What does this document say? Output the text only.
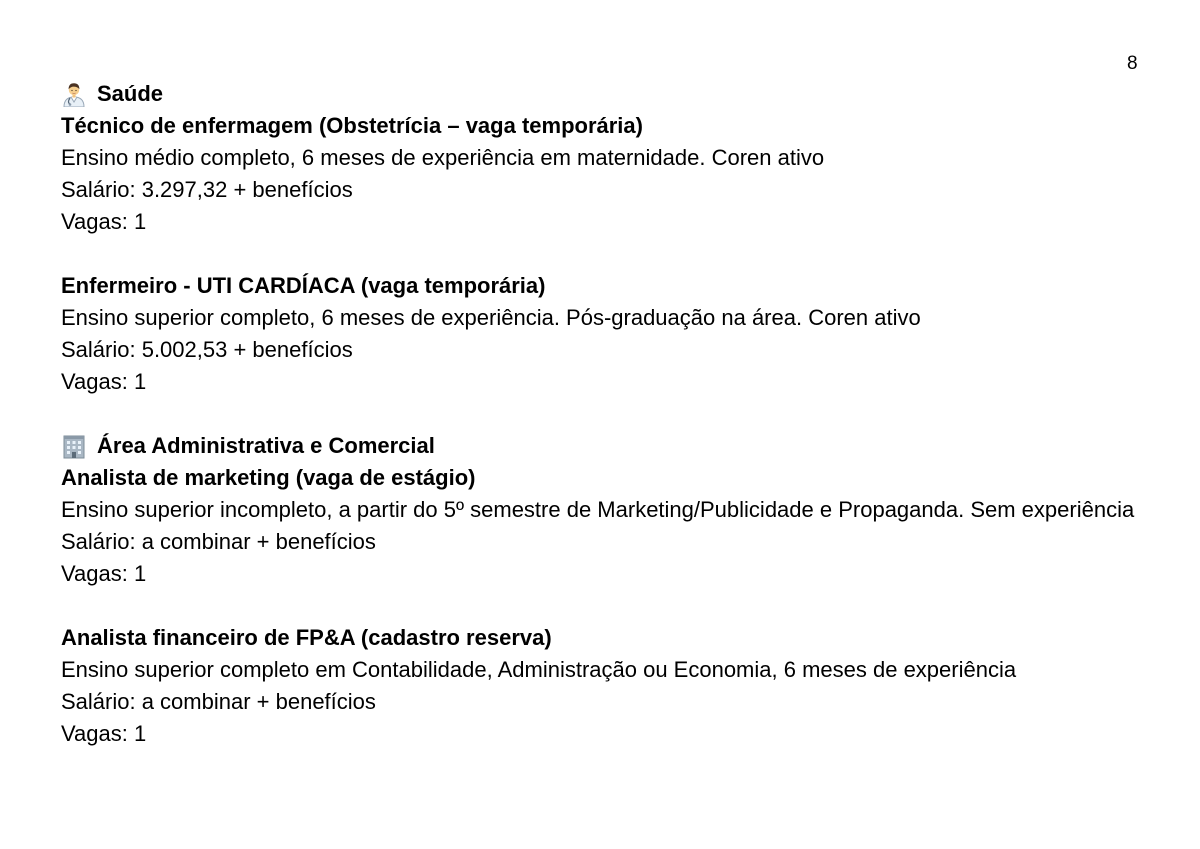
8
Saúde
Técnico de enfermagem (Obstetrícia – vaga temporária)
Ensino médio completo, 6 meses de experiência em maternidade. Coren ativo
Salário: 3.297,32 + benefícios
Vagas: 1
Enfermeiro - UTI CARDÍACA (vaga temporária)
Ensino superior completo, 6 meses de experiência. Pós-graduação na área. Coren ativo
Salário: 5.002,53 + benefícios
Vagas: 1
Área Administrativa e Comercial
Analista de marketing (vaga de estágio)
Ensino superior incompleto, a partir do 5º semestre de Marketing/Publicidade e Propaganda. Sem experiência
Salário: a combinar + benefícios
Vagas: 1
Analista financeiro de FP&A (cadastro reserva)
Ensino superior completo em Contabilidade, Administração ou Economia, 6 meses de experiência
Salário: a combinar + benefícios
Vagas: 1
